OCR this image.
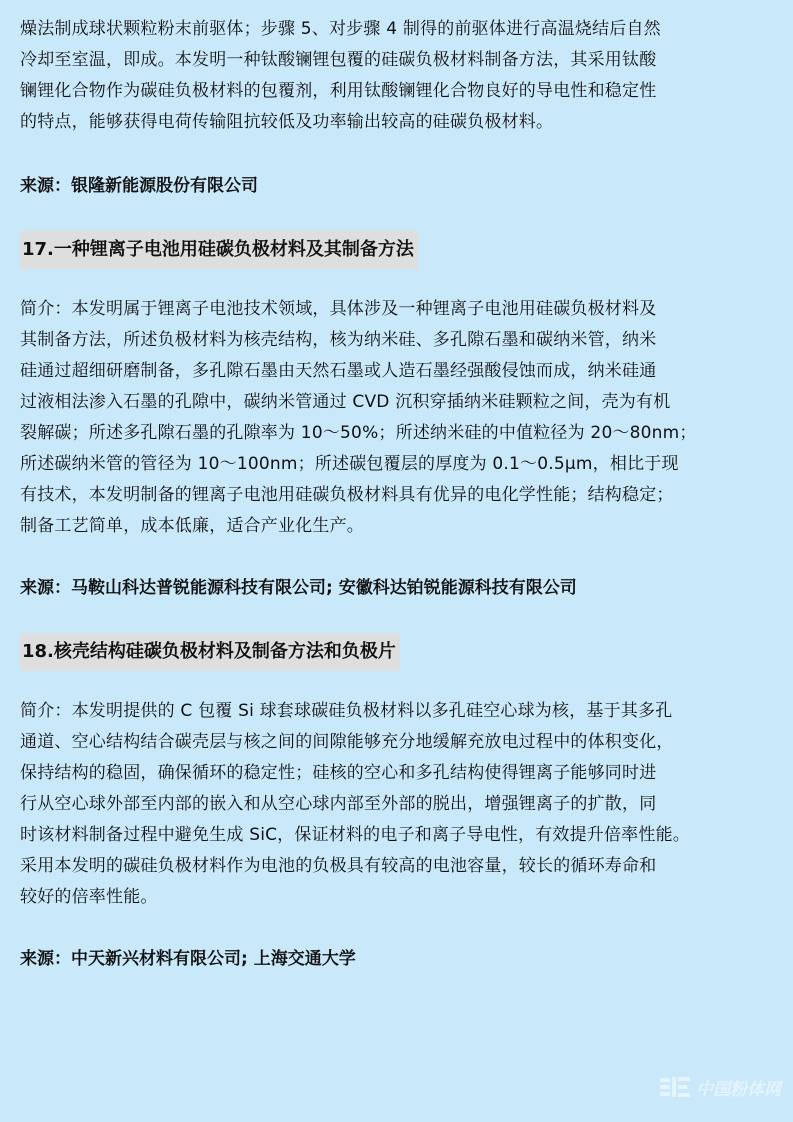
燥法制成球状颗粒粉末前驱体；步骤 5、对步骤 4 制得的前驱体进行高温烧结后自然
冷却至室温，即成。本发明一种钛酸镧锂包覆的硅碳负极材料制备方法，其采用钛酸
镧锂化合物作为碳硅负极材料的包覆剂，利用钛酸镧锂化合物良好的导电性和稳定性
的特点，能够获得电荷传输阻抗较低及功率输出较高的硅碳负极材料。

来源：银隆新能源股份有限公司

17.一种锂离子电池用硅碳负极材料及其制备方法
简介：本发明属于锂离子电池技术领域，具体涉及一种锂离子电池用硅碳负极材料及
其制备方法，所述负极材料为核壳结构，核为纳米硅、多孔隙石墨和碳纳米管，纳米
硅通过超细研磨制备，多孔隙石墨由天然石墨或人造石墨经强酸侵蚀而成，纳米硅通
过液相法渗入石墨的孔隙中，碳纳米管通过 CVD 沉积穿插纳米硅颗粒之间，壳为有机
裂解碳；所述多孔隙石墨的孔隙率为 10～50%；所述纳米硅的中值粒径为 20～80nm；
所述碳纳米管的管径为 10～100nm；所述碳包覆层的厚度为 0.1～0.5μm，相比于现
有技术，本发明制备的锂离子电池用硅碳负极材料具有优异的电化学性能；结构稳定；
制备工艺简单，成本低廉，适合产业化生产。

来源：马鞍山科达普锐能源科技有限公司; 安徽科达铂锐能源科技有限公司

18.核壳结构硅碳负极材料及制备方法和负极片
简介：本发明提供的 C 包覆 Si 球套球碳硅负极材料以多孔硅空心球为核，基于其多孔
通道、空心结构结合碳壳层与核之间的间隙能够充分地缓解充放电过程中的体积变化，
保持结构的稳固，确保循环的稳定性；硅核的空心和多孔结构使得锂离子能够同时进
行从空心球外部至内部的嵌入和从空心球内部至外部的脱出，增强锂离子的扩散，同
时该材料制备过程中避免生成 SiC，保证材料的电子和离子导电性，有效提升倍率性能。
采用本发明的碳硅负极材料作为电池的负极具有较高的电池容量，较长的循环寿命和
较好的倍率性能。

来源：中天新兴材料有限公司; 上海交通大学

中国粉体网
